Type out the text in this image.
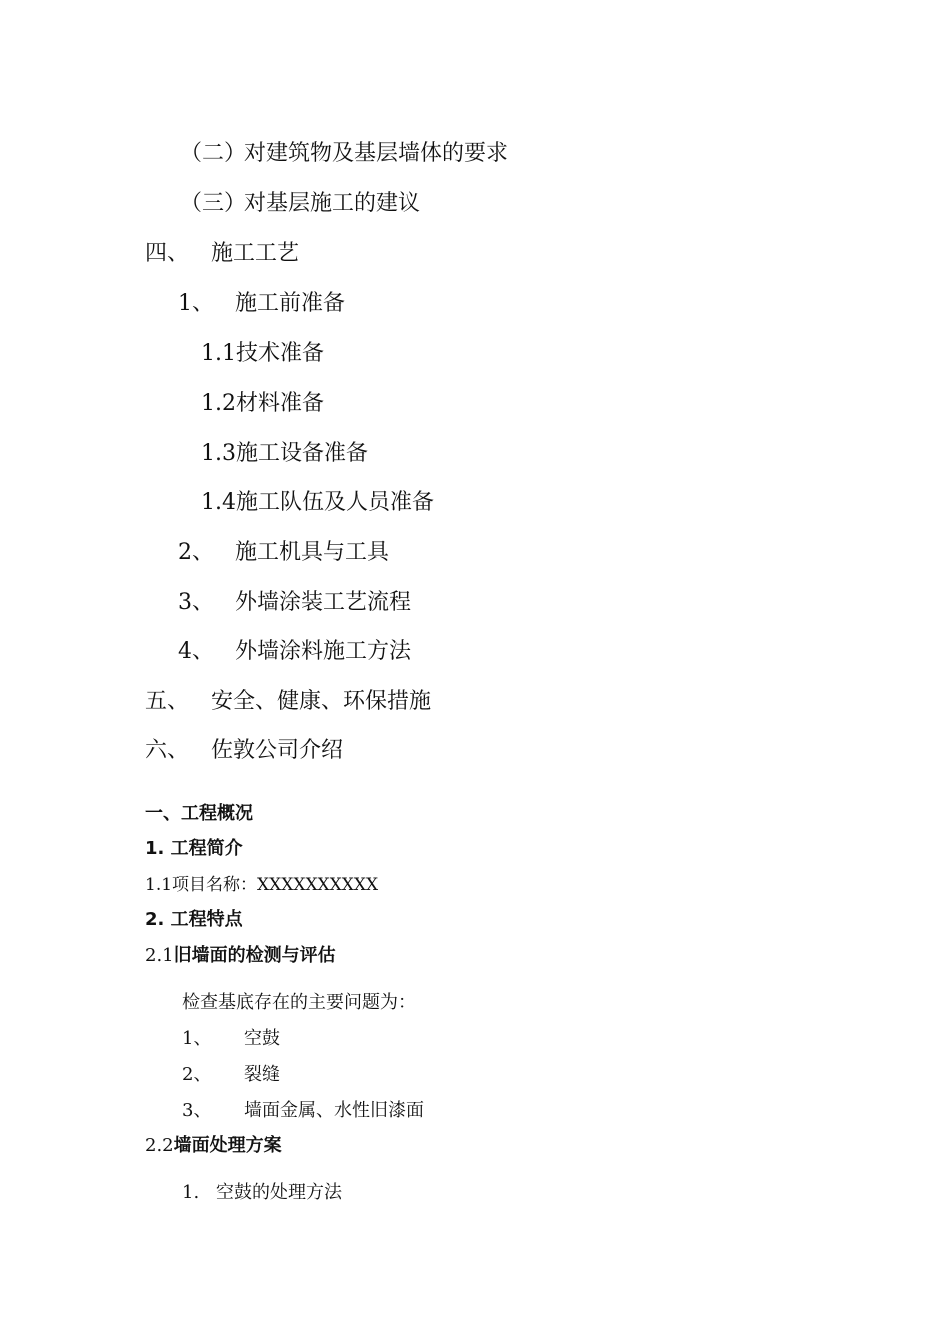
（二）对建筑物及基层墙体的要求
（三）对基层施工的建议
四、 施工工艺
1、 施工前准备
1.1技术准备
1.2材料准备
1.3施工设备准备
1.4施工队伍及人员准备
2、 施工机具与工具
3、 外墙涂装工艺流程
4、 外墙涂料施工方法
五、 安全、健康、环保措施
六、 佐敦公司介绍
一、工程概况
1. 工程简介
1.1项目名称：XXXXXXXXXX
2. 工程特点
2.1旧墙面的检测与评估
检查基底存在的主要问题为：
1、 空鼓
2、 裂缝
3、 墙面金属、水性旧漆面
2.2墙面处理方案
1. 空鼓的处理方法
